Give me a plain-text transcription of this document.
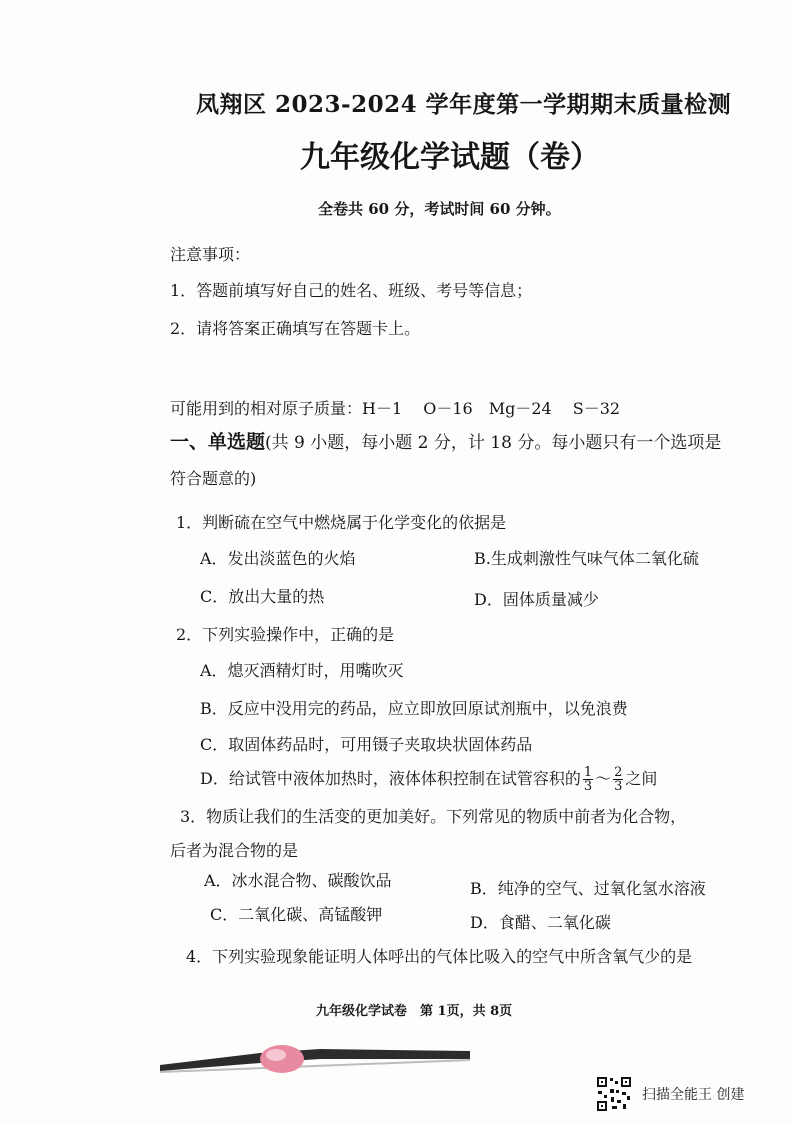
凤翔区 2023-2024 学年度第一学期期末质量检测
九年级化学试题（卷）
全卷共 60 分，考试时间 60 分钟。
注意事项：
1．答题前填写好自己的姓名、班级、考号等信息；
2．请将答案正确填写在答题卡上。
可能用到的相对原子质量：H－1　 O－16　Mg－24　 S－32
一、单选题(共 9 小题，每小题 2 分，计 18 分。每小题只有一个选项是
符合题意的)
1．判断硫在空气中燃烧属于化学变化的依据是
A．发出淡蓝色的火焰	B.生成刺激性气味气体二氧化硫
C．放出大量的热	D．固体质量减少
2．下列实验操作中，正确的是
A．熄灭酒精灯时，用嘴吹灭
B．反应中没用完的药品，应立即放回原试剂瓶中，以免浪费
C．取固体药品时，可用镊子夹取块状固体药品
D．给试管中液体加热时，液体体积控制在试管容积的 $\frac{1}{3}$ ～ $\frac{2}{3}$ 之间
3．物质让我们的生活变的更加美好。下列常见的物质中前者为化合物，
后者为混合物的是
A．冰水混合物、碳酸饮品	B．纯净的空气、过氧化氢水溶液
C．二氧化碳、高锰酸钾	D．食醋、二氧化碳
4．下列实验现象能证明人体呼出的气体比吸入的空气中所含氧气少的是
九年级化学试卷　第 1页，共 8页
扫描全能王 创建
